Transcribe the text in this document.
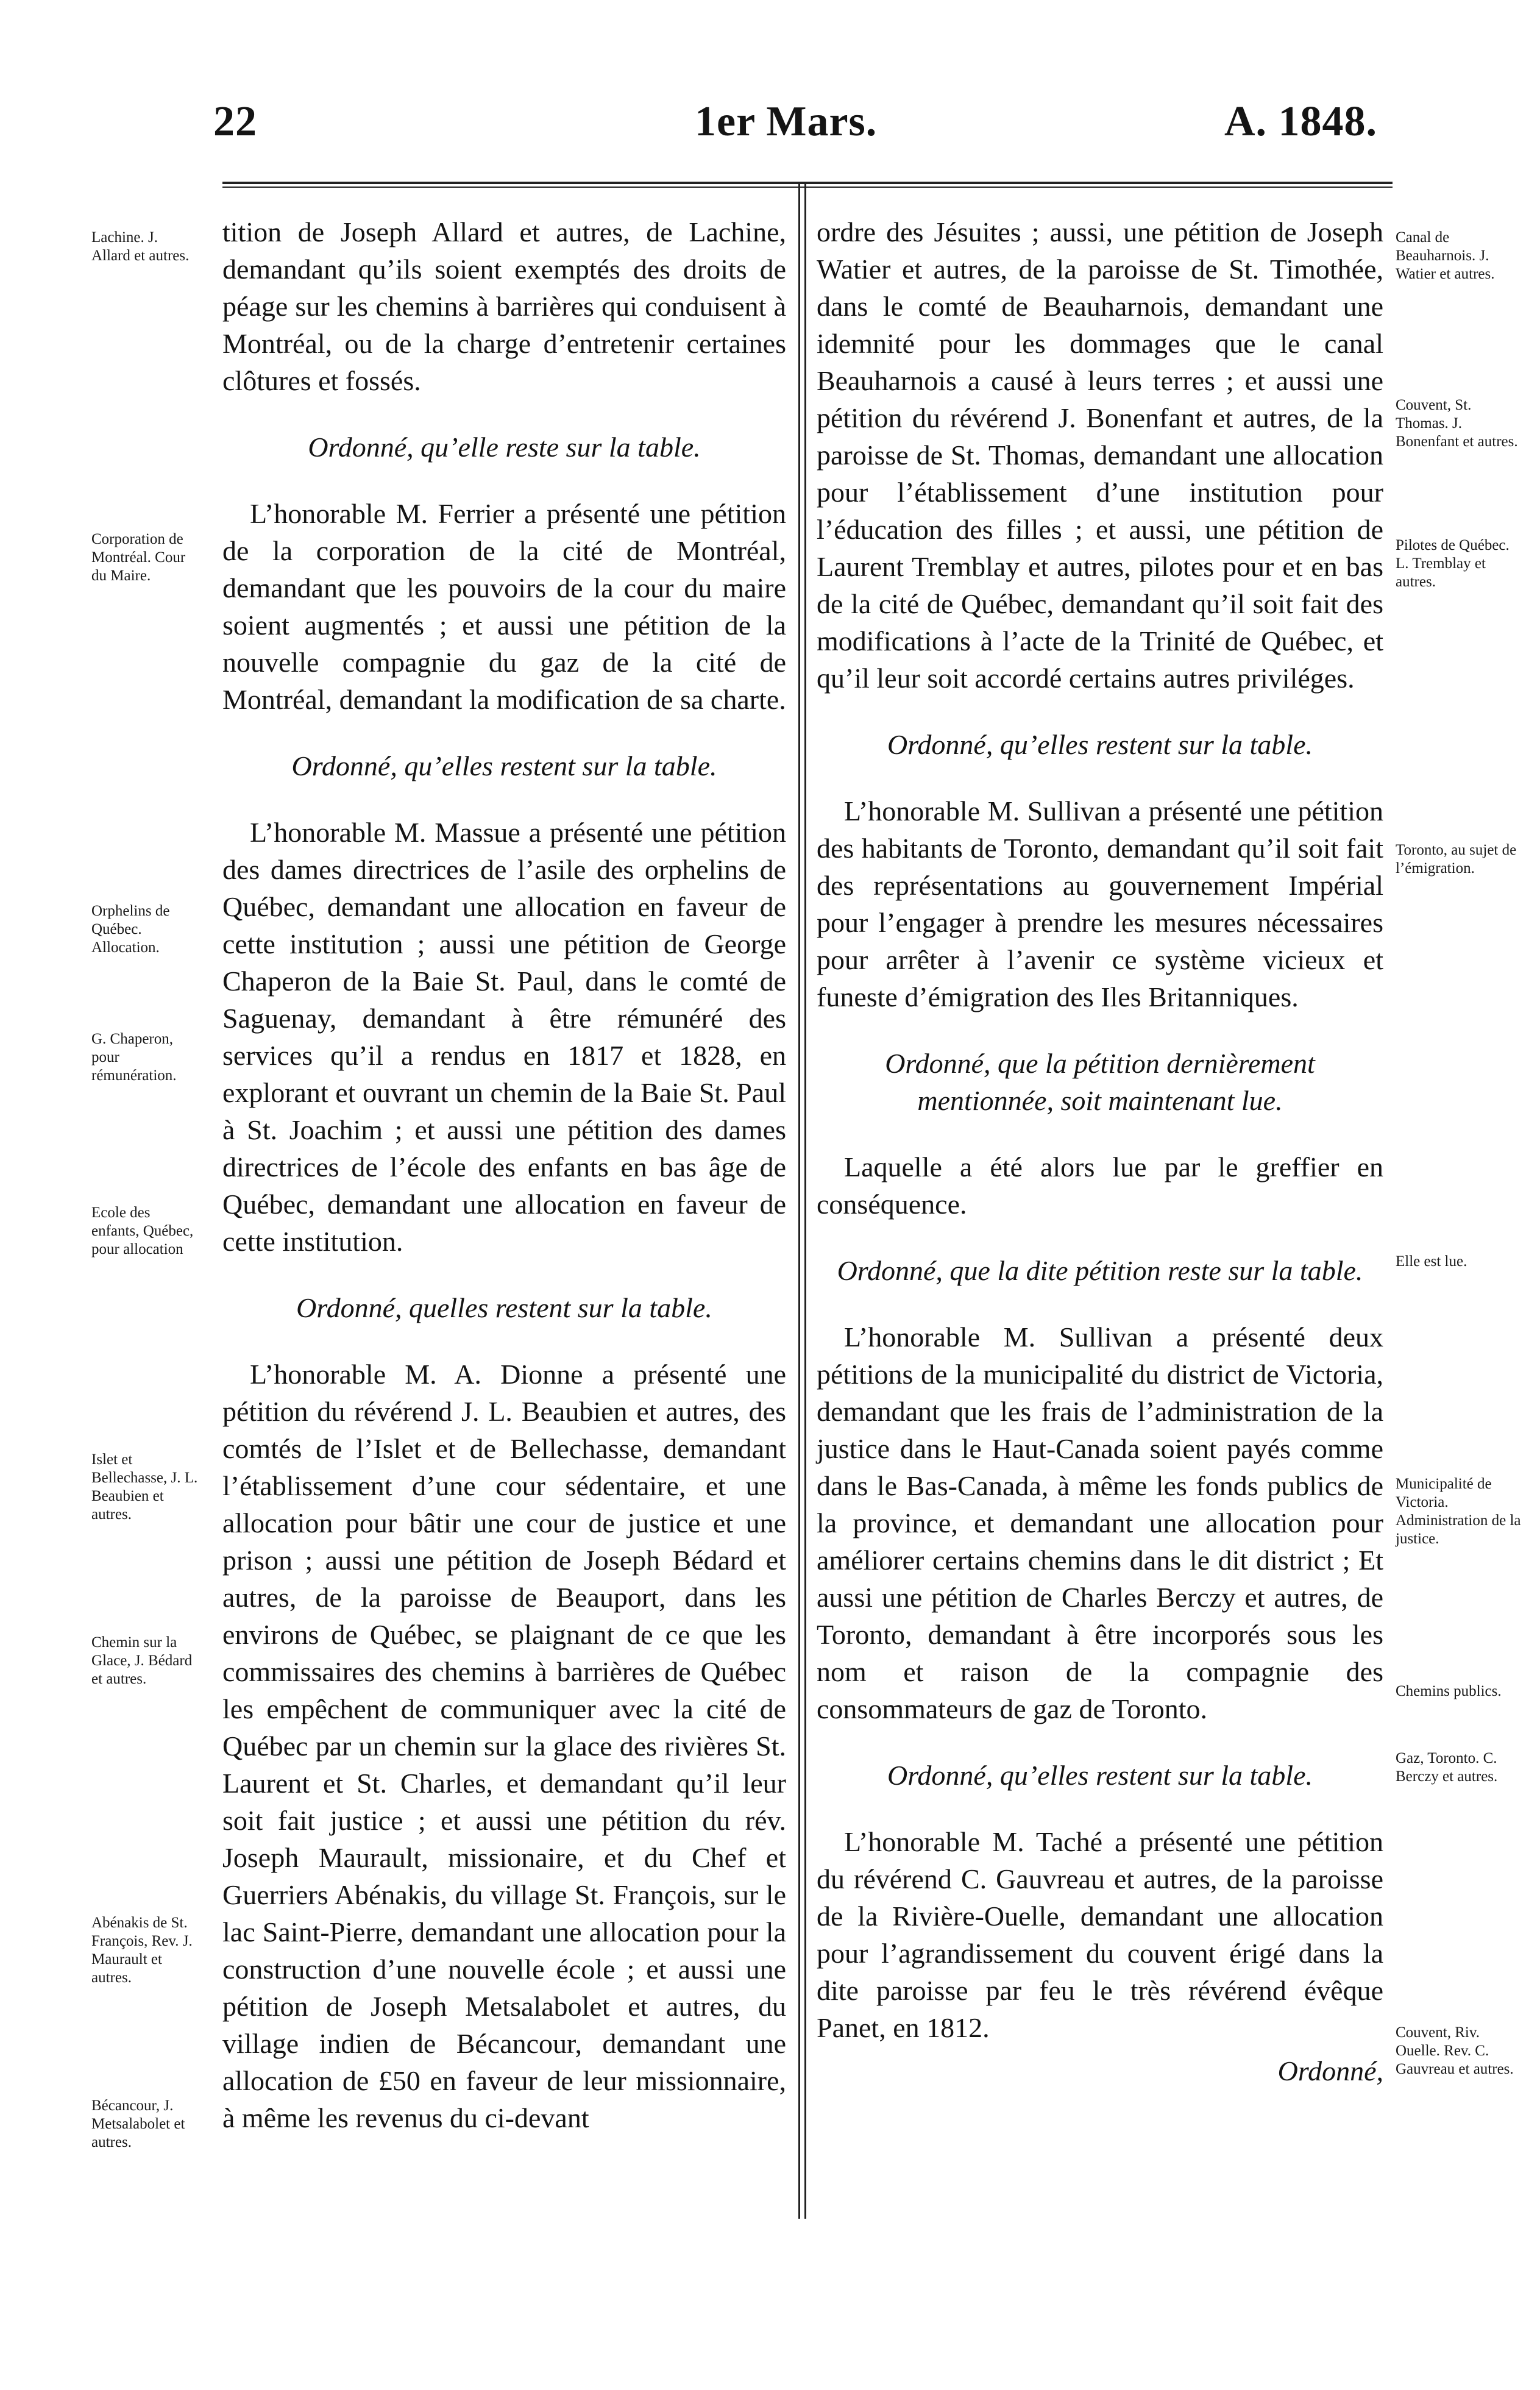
22	1er Mars.	A. 1848.
Lachine. J. Allard et autres.
Corporation de Montréal. Cour du Maire.
Orphelins de Québec. Allocation.
G. Chaperon, pour rémunération.
Ecole des enfants, Québec, pour allocation
Islet et Bellechasse, J. L. Beaubien et autres.
Chemin sur la Glace, J. Bédard et autres.
Abénakis de St. François, Rev. J. Maurault et autres.
Bécancour, J. Metsalabolet et autres.
Canal de Beauharnois. J. Watier et autres.
Couvent, St. Thomas. J. Bonenfant et autres.
Pilotes de Québec. L. Tremblay et autres.
Toronto, au sujet de l’émigration.
Elle est lue.
Municipalité de Victoria. Administration de la justice.
Chemins publics.
Gaz, Toronto. C. Berczy et autres.
Couvent, Riv. Ouelle. Rev. C. Gauvreau et autres.

tition de Joseph Allard et autres, de Lachine, demandant qu’ils soient exemptés des droits de péage sur les chemins à barrières qui conduisent à Montréal, ou de la charge d’entretenir certaines clôtures et fossés.

Ordonné, qu’elle reste sur la table.

L’honorable M. Ferrier a présenté une pétition de la corporation de la cité de Montréal, demandant que les pouvoirs de la cour du maire soient augmentés ; et aussi une pétition de la nouvelle compagnie du gaz de la cité de Montréal, demandant la modification de sa charte.

Ordonné, qu’elles restent sur la table.

L’honorable M. Massue a présenté une pétition des dames directrices de l’asile des orphelins de Québec, demandant une allocation en faveur de cette institution ; aussi une pétition de George Chaperon de la Baie St. Paul, dans le comté de Saguenay, demandant à être rémunéré des services qu’il a rendus en 1817 et 1828, en explorant et ouvrant un chemin de la Baie St. Paul à St. Joachim ; et aussi une pétition des dames directrices de l’école des enfants en bas âge de Québec, demandant une allocation en faveur de cette institution.

Ordonné, quelles restent sur la table.

L’honorable M. A. Dionne a présenté une pétition du révérend J. L. Beaubien et autres, des comtés de l’Islet et de Bellechasse, demandant l’établissement d’une cour sédentaire, et une allocation pour bâtir une cour de justice et une prison ; aussi une pétition de Joseph Bédard et autres, de la paroisse de Beauport, dans les environs de Québec, se plaignant de ce que les commissaires des chemins à barrières de Québec les empêchent de communiquer avec la cité de Québec par un chemin sur la glace des rivières St. Laurent et St. Charles, et demandant qu’il leur soit fait justice ; et aussi une pétition du rév. Joseph Maurault, missionaire, et du Chef et Guerriers Abénakis, du village St. François, sur le lac Saint-Pierre, demandant une allocation pour la construction d’une nouvelle école ; et aussi une pétition de Joseph Metsalabolet et autres, du village indien de Bécancour, demandant une allocation de £50 en faveur de leur missionnaire, à même les revenus du ci-devant

ordre des Jésuites ; aussi, une pétition de Joseph Watier et autres, de la paroisse de St. Timothée, dans le comté de Beauharnois, demandant une idemnité pour les dommages que le canal Beauharnois a causé à leurs terres ; et aussi une pétition du révérend J. Bonenfant et autres, de la paroisse de St. Thomas, demandant une allocation pour l’établissement d’une institution pour l’éducation des filles ; et aussi, une pétition de Laurent Tremblay et autres, pilotes pour et en bas de la cité de Québec, demandant qu’il soit fait des modifications à l’acte de la Trinité de Québec, et qu’il leur soit accordé certains autres priviléges.

Ordonné, qu’elles restent sur la table.

L’honorable M. Sullivan a présenté une pétition des habitants de Toronto, demandant qu’il soit fait des représentations au gouvernement Impérial pour l’engager à prendre les mesures nécessaires pour arrêter à l’avenir ce système vicieux et funeste d’émigration des Iles Britanniques.

Ordonné, que la pétition dernièrement mentionnée, soit maintenant lue.

Laquelle a été alors lue par le greffier en conséquence.

Ordonné, que la dite pétition reste sur la table.

L’honorable M. Sullivan a présenté deux pétitions de la municipalité du district de Victoria, demandant que les frais de l’administration de la justice dans le Haut-Canada soient payés comme dans le Bas-Canada, à même les fonds publics de la province, et demandant une allocation pour améliorer certains chemins dans le dit district ; Et aussi une pétition de Charles Berczy et autres, de Toronto, demandant à être incorporés sous les nom et raison de la compagnie des consommateurs de gaz de Toronto.

Ordonné, qu’elles restent sur la table.

L’honorable M. Taché a présenté une pétition du révérend C. Gauvreau et autres, de la paroisse de la Rivière-Ouelle, demandant une allocation pour l’agrandissement du couvent érigé dans la dite paroisse par feu le très révérend évêque Panet, en 1812.

Ordonné,
